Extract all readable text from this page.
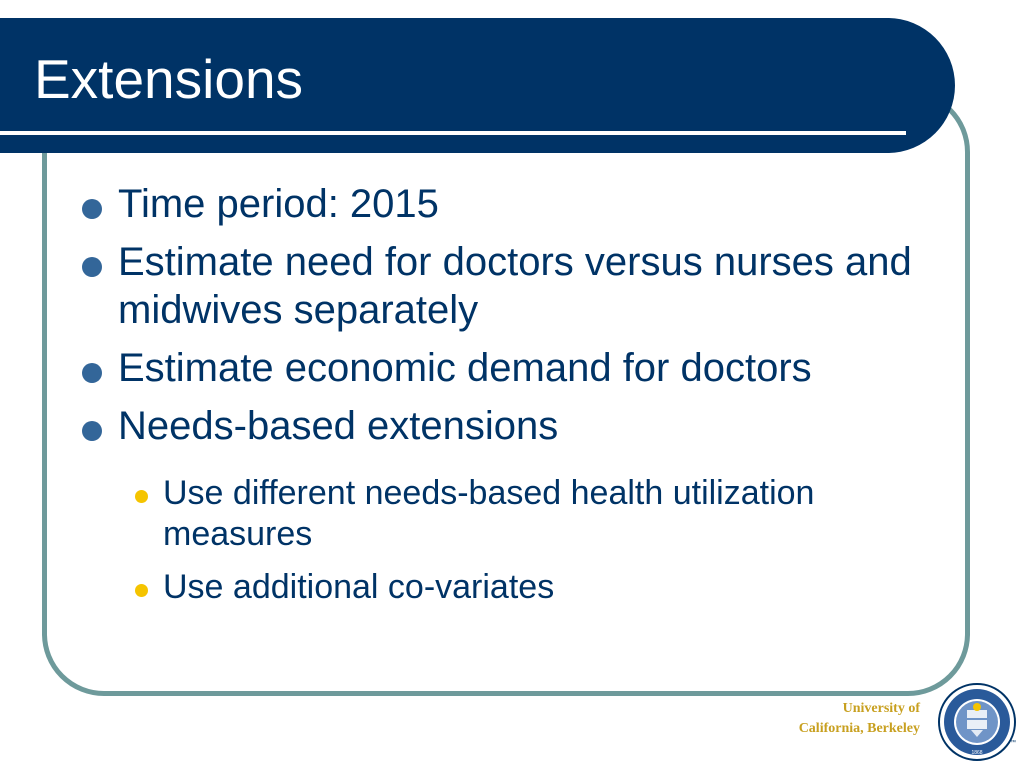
Extensions
Time period: 2015
Estimate need for doctors versus nurses and midwives separately
Estimate economic demand for doctors
Needs-based extensions
Use different needs-based health utilization measures
Use additional co-variates
University of
California, Berkeley
1868
™
